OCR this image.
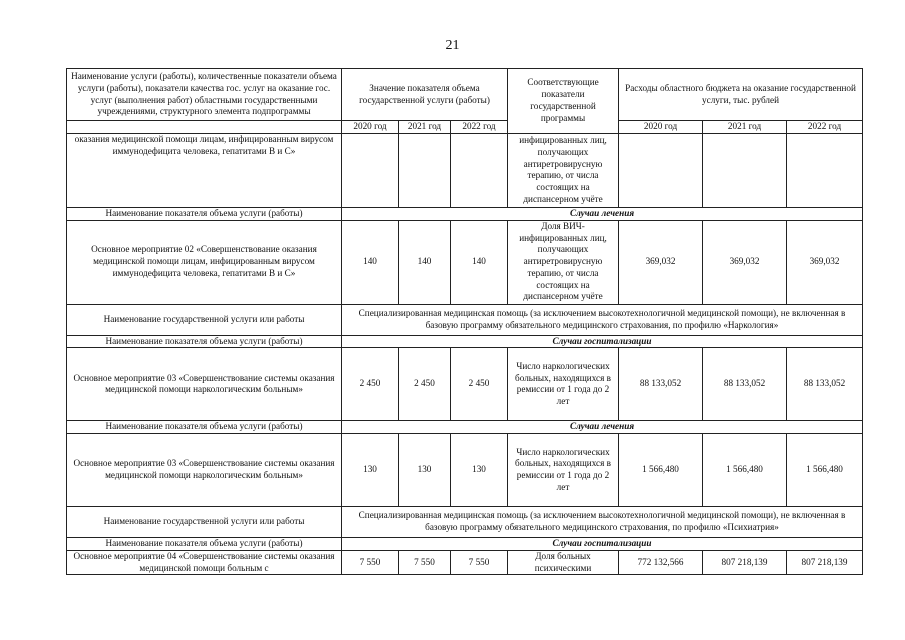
21
Наименование услуги (работы), количественные показатели объема услуги (работы), показатели качества гос. услуг на оказание гос. услуг (выполнения работ) областными государственными учреждениями, структурного элемента подпрограммы	Значение показателя объема государственной услуги (работы)			Соответствующие показатели государственной программы	Расходы областного бюджета на оказание государственной услуги, тыс. рублей		
	2020 год	2021 год	2022 год		2020 год	2021 год	2022 год
оказания медицинской помощи лицам, инфицированным вирусом иммунодефицита человека, гепатитами B и C»				инфицированных лиц, получающих антиретровирусную терапию, от числа состоящих на диспансерном учёте			
Наименование показателя объема услуги (работы)	Случаи лечения						
Основное мероприятие 02 «Совершенствование оказания медицинской помощи лицам, инфицированным вирусом иммунодефицита человека, гепатитами B и C»	140	140	140	Доля ВИЧ-инфицированных лиц, получающих антиретровирусную терапию, от числа состоящих на диспансерном учёте	369,032	369,032	369,032
Наименование государственной услуги или работы	Специализированная медицинская помощь (за исключением высокотехнологичной медицинской помощи), не включенная в базовую программу обязательного медицинского страхования, по профилю «Наркология»						
Наименование показателя объема услуги (работы)	Случаи госпитализации						
Основное мероприятие 03 «Совершенствование системы оказания медицинской помощи наркологическим больным»	2 450	2 450	2 450	Число наркологических больных, находящихся в ремиссии от 1 года до 2 лет	88 133,052	88 133,052	88 133,052
Наименование показателя объема услуги (работы)	Случаи лечения						
Основное мероприятие 03 «Совершенствование системы оказания медицинской помощи наркологическим больным»	130	130	130	Число наркологических больных, находящихся в ремиссии от 1 года до 2 лет	1 566,480	1 566,480	1 566,480
Наименование государственной услуги или работы	Специализированная медицинская помощь (за исключением высокотехнологичной медицинской помощи), не включенная в базовую программу обязательного медицинского страхования, по профилю «Психиатрия»						
Наименование показателя объема услуги (работы)	Случаи госпитализации						
Основное мероприятие 04 «Совершенствование системы оказания медицинской помощи больным с	7 550	7 550	7 550	Доля больных психическими	772 132,566	807 218,139	807 218,139
